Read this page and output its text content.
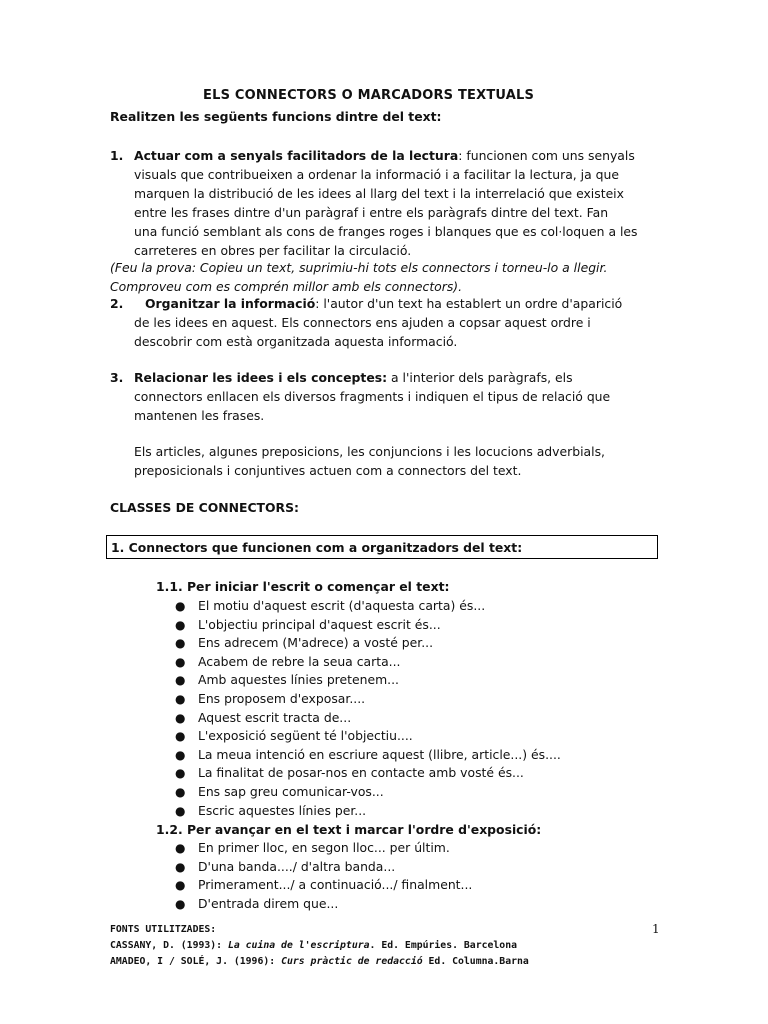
ELS CONNECTORS O MARCADORS TEXTUALS
Realitzen les següents funcions dintre del text:
1. Actuar com a senyals facilitadors de la lectura: funcionen com uns senyals
visuals que contribueixen a ordenar la informació i a facilitar la lectura, ja que
marquen la distribució de les idees al llarg del text i la interrelació que existeix
entre les frases dintre d'un paràgraf i entre els paràgrafs dintre del text. Fan
una funció semblant als cons de franges roges i blanques que es col·loquen a les
carreteres en obres per facilitar la circulació.
(Feu la prova: Copieu un text, suprimiu-hi tots els connectors i torneu-lo a llegir.
Comproveu com es comprén millor amb els connectors).
2.	Organitzar la informació: l'autor d'un text ha establert un ordre d'aparició
de les idees en aquest. Els connectors ens ajuden a copsar aquest ordre i
descobrir com està organitzada aquesta informació.
3. Relacionar les idees i els conceptes: a l'interior dels paràgrafs, els
connectors enllacen els diversos fragments i indiquen el tipus de relació que
mantenen les frases.
Els articles, algunes preposicions, les conjuncions i les locucions adverbials,
preposicionals i conjuntives actuen com a connectors del text.
CLASSES DE CONNECTORS:
1. Connectors que funcionen com a organitzadors del text:
1.1. Per iniciar l'escrit o començar el text:
● El motiu d'aquest escrit (d'aquesta carta) és...
● L'objectiu principal d'aquest escrit és...
● Ens adrecem (M'adrece) a vosté per...
● Acabem de rebre la seua carta...
● Amb aquestes línies pretenem...
● Ens proposem d'exposar....
● Aquest escrit tracta de...
● L'exposició següent té l'objectiu....
● La meua intenció en escriure aquest (llibre, article...) és....
● La finalitat de posar-nos en contacte amb vosté és...
● Ens sap greu comunicar-vos...
● Escric aquestes línies per...
1.2. Per avançar en el text i marcar l'ordre d'exposició:
● En primer lloc, en segon lloc... per últim.
● D'una banda..../ d'altra banda...
● Primerament.../ a continuació.../ finalment...
● D'entrada direm que...
FONTS UTILITZADES:
CASSANY, D. (1993): La cuina de l'escriptura. Ed. Empúries. Barcelona
AMADEO, I / SOLÉ, J. (1996): Curs pràctic de redacció Ed. Columna.Barna
1
